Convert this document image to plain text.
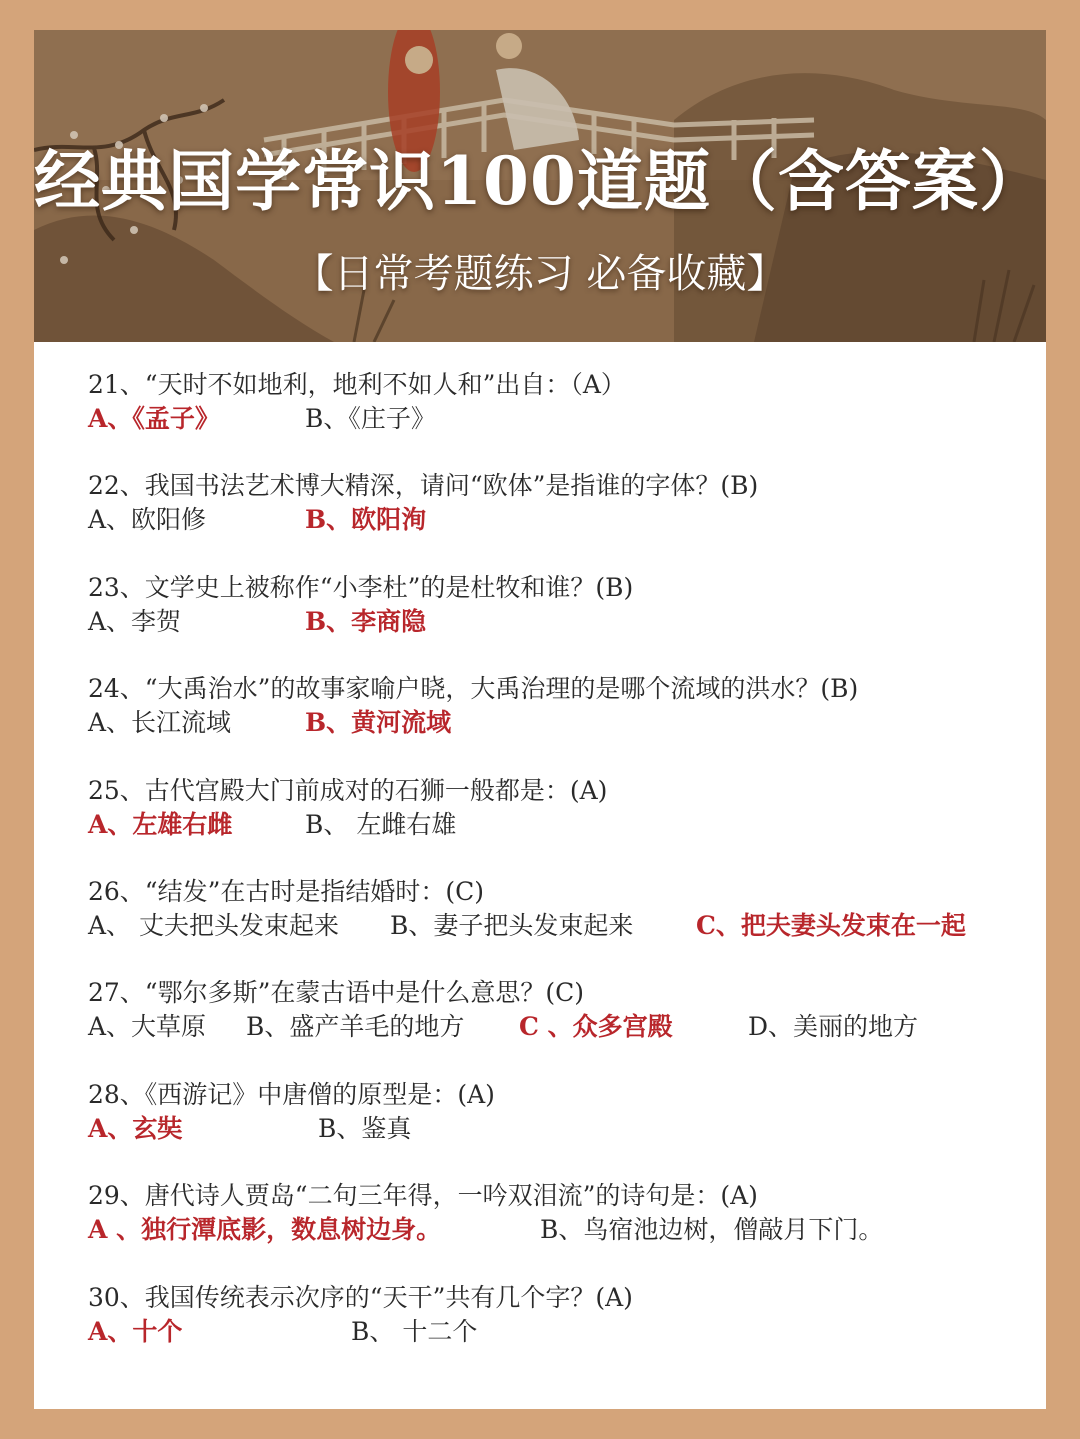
经典国学常识100道题（含答案）
【日常考题练习 必备收藏】
21、“天时不如地利，地利不如人和”出自：（A）
A、《孟子》	B、《庄子》
22、我国书法艺术博大精深，请问“欧体”是指谁的字体？(B)
A、欧阳修	B、欧阳洵
23、文学史上被称作“小李杜”的是杜牧和谁？(B)
A、李贺	B、李商隐
24、“大禹治水”的故事家喻户晓，大禹治理的是哪个流域的洪水？(B)
A、长江流域	B、黄河流域
25、古代宫殿大门前成对的石狮一般都是：(A)
A、左雄右雌	B、 左雌右雄
26、“结发”在古时是指结婚时：(C)
A、 丈夫把头发束起来 B、妻子把头发束起来	C、把夫妻头发束在一起
27、“鄂尔多斯”在蒙古语中是什么意思？(C)
A、大草原 B、盛产羊毛的地方 C 、众多宫殿	D、美丽的地方
28、《西游记》中唐僧的原型是：(A)
A、玄奘	B、鉴真
29、唐代诗人贾岛“二句三年得，一吟双泪流”的诗句是：(A)
A 、独行潭底影，数息树边身。	B、鸟宿池边树，僧敲月下门。
30、我国传统表示次序的“天干”共有几个字？(A)
A、十个	B、 十二个
